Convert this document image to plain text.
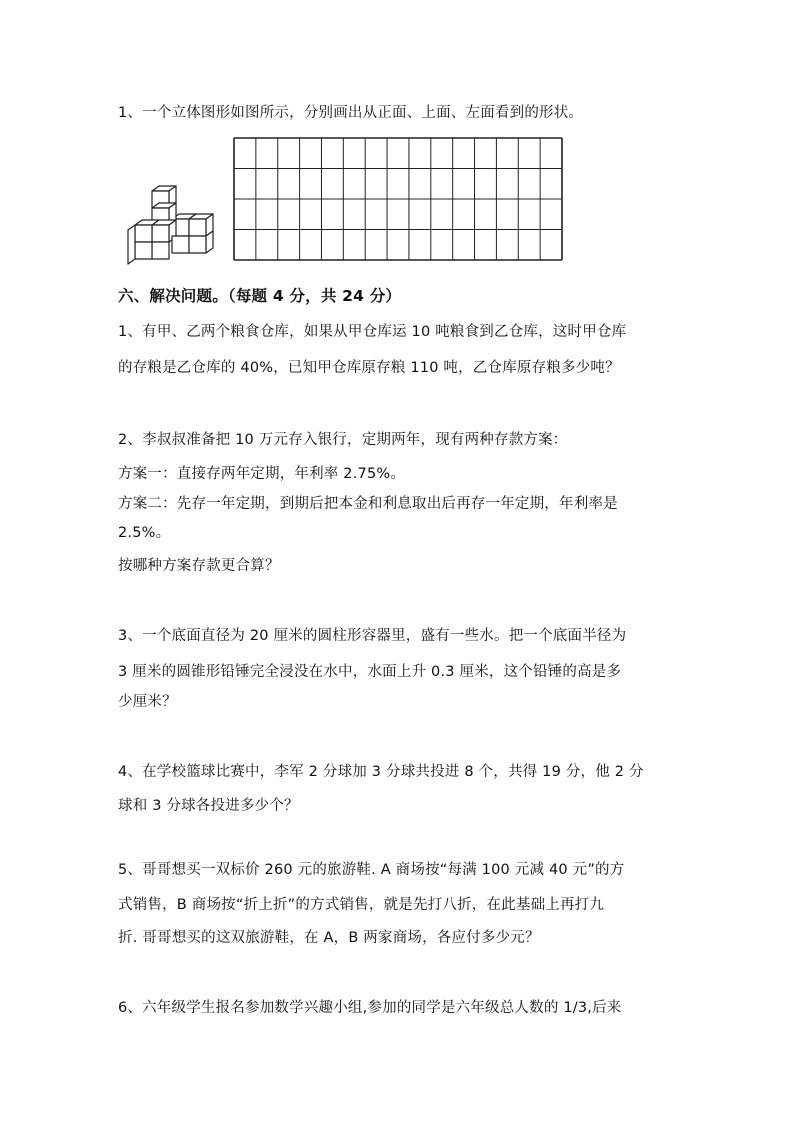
1、一个立体图形如图所示，分别画出从正面、上面、左面看到的形状。
六、解决问题。（每题 4 分，共 24 分）
1、有甲、乙两个粮食仓库，如果从甲仓库运 10 吨粮食到乙仓库，这时甲仓库
的存粮是乙仓库的 40%，已知甲仓库原存粮 110 吨，乙仓库原存粮多少吨？
2、李叔叔准备把 10 万元存入银行，定期两年，现有两种存款方案：
方案一：直接存两年定期，年利率 2.75%。
方案二：先存一年定期，到期后把本金和利息取出后再存一年定期，年利率是
2.5%。
按哪种方案存款更合算？
3、一个底面直径为 20 厘米的圆柱形容器里，盛有一些水。把一个底面半径为
3 厘米的圆锥形铅锤完全浸没在水中，水面上升 0.3 厘米，这个铅锤的高是多
少厘米？
4、在学校篮球比赛中，李军 2 分球加 3 分球共投进 8 个，共得 19 分，他 2 分
球和 3 分球各投进多少个？
5、哥哥想买一双标价 260 元的旅游鞋. A 商场按“每满 100 元减 40 元”的方
式销售，B 商场按“折上折”的方式销售，就是先打八折，在此基础上再打九
折. 哥哥想买的这双旅游鞋，在 A，B 两家商场，各应付多少元？
6、六年级学生报名参加数学兴趣小组,参加的同学是六年级总人数的 1/3,后来
